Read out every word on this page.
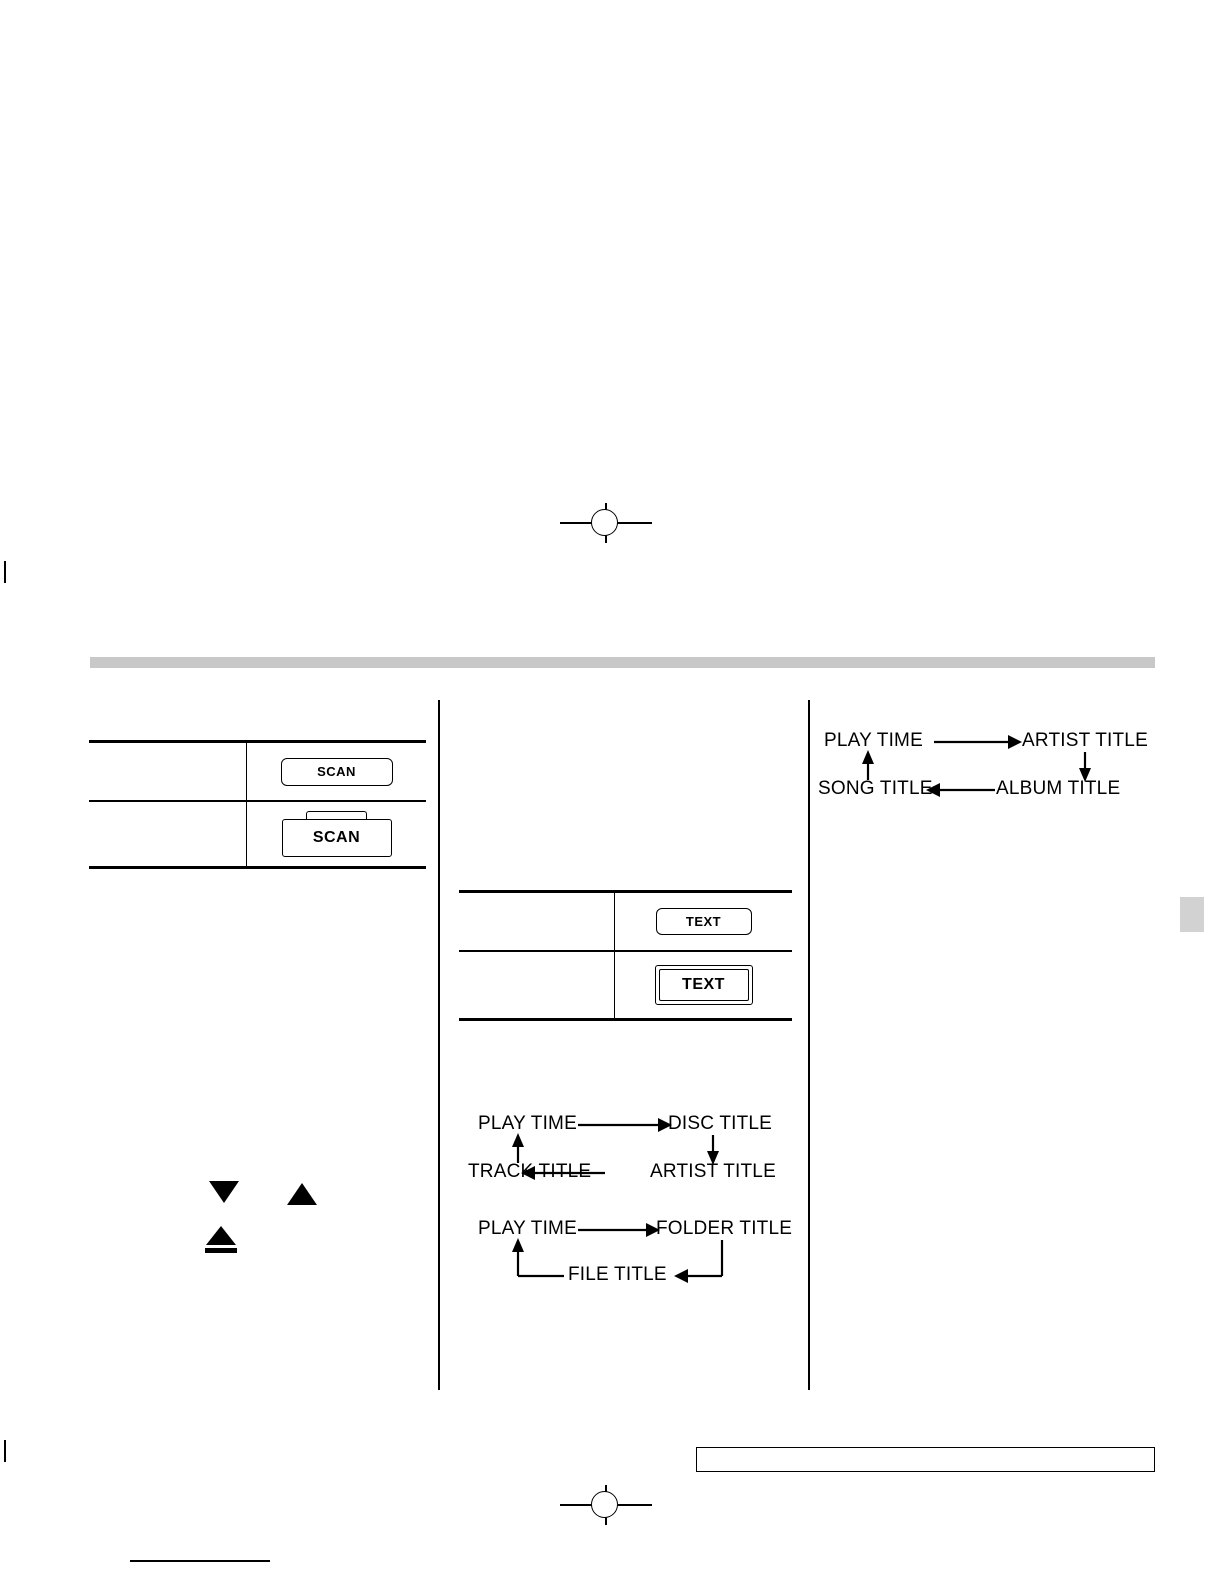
SCAN
SCAN
TEXT
TEXT
PLAY TIME	DISC TITLE
ARTIST TITLE
TRACK TITLE
PLAY TIME	FOLDER TITLE
FILE TITLE
PLAY TIME	ARTIST TITLE
ALBUM TITLE
SONG TITLE
